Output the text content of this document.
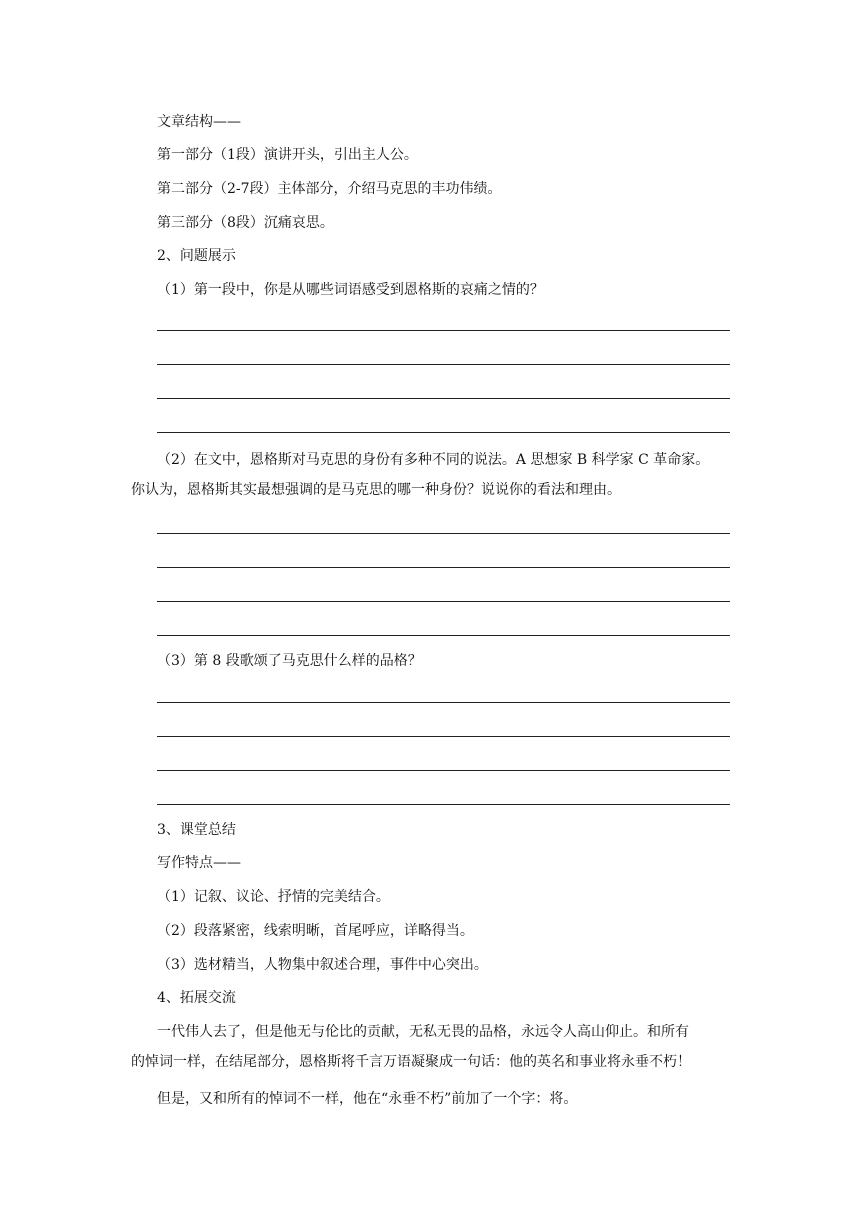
文章结构——
第一部分（1段）演讲开头，引出主人公。
第二部分（2-7段）主体部分，介绍马克思的丰功伟绩。
第三部分（8段）沉痛哀思。
2、问题展示
（1）第一段中，你是从哪些词语感受到恩格斯的哀痛之情的？
（2）在文中，恩格斯对马克思的身份有多种不同的说法。A 思想家 B 科学家 C 革命家。
你认为，恩格斯其实最想强调的是马克思的哪一种身份？说说你的看法和理由。
（3）第 8 段歌颂了马克思什么样的品格？
3、课堂总结
写作特点——
（1）记叙、议论、抒情的完美结合。
（2）段落紧密，线索明晰，首尾呼应，详略得当。
（3）选材精当，人物集中叙述合理，事件中心突出。
4、拓展交流
一代伟人去了，但是他无与伦比的贡献，无私无畏的品格，永远令人高山仰止。和所有
的悼词一样，在结尾部分，恩格斯将千言万语凝聚成一句话：他的英名和事业将永垂不朽！
但是，又和所有的悼词不一样，他在“永垂不朽”前加了一个字：将。
